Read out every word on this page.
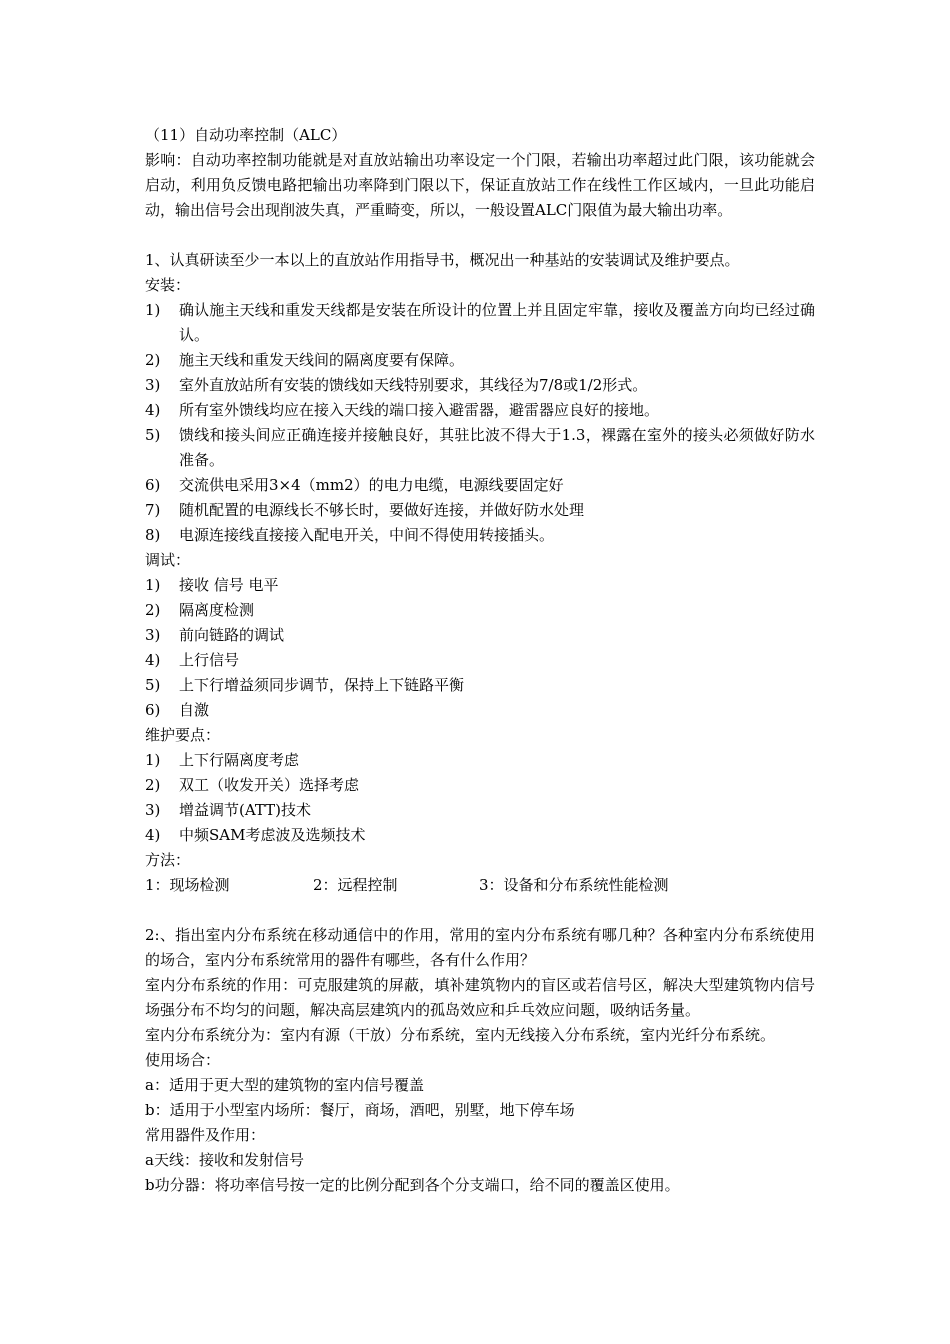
（11）自动功率控制（ALC）

影响：自动功率控制功能就是对直放站输出功率设定一个门限，若输出功率超过此门限，该功能就会启动，利用负反馈电路把输出功率降到门限以下，保证直放站工作在线性工作区域内，一旦此功能启动，输出信号会出现削波失真，严重畸变，所以，一般设置ALC门限值为最大输出功率。

1、认真研读至少一本以上的直放站作用指导书，概况出一种基站的安装调试及维护要点。

安装：

1)	确认施主天线和重发天线都是安装在所设计的位置上并且固定牢靠，接收及覆盖方向均已经过确认。
2)	施主天线和重发天线间的隔离度要有保障。
3)	室外直放站所有安装的馈线如天线特别要求，其线径为7/8或1/2形式。
4)	所有室外馈线均应在接入天线的端口接入避雷器，避雷器应良好的接地。
5)	馈线和接头间应正确连接并接触良好，其驻比波不得大于1.3，裸露在室外的接头必须做好防水准备。
6)	交流供电采用3×4（mm2）的电力电缆，电源线要固定好
7)	随机配置的电源线长不够长时，要做好连接，并做好防水处理
8)	电源连接线直接接入配电开关，中间不得使用转接插头。

调试：

1)	接收 信号 电平
2)	隔离度检测
3)	前向链路的调试
4)	上行信号
5)	上下行增益须同步调节，保持上下链路平衡
6)	自激

维护要点：

1)	上下行隔离度考虑
2)	双工（收发开关）选择考虑
3)	增益调节(ATT)技术
4)	中频SAM考虑波及选频技术

方法：

1：现场检测	2：远程控制	3：设备和分布系统性能检测

2:、指出室内分布系统在移动通信中的作用，常用的室内分布系统有哪几种？各种室内分布系统使用的场合，室内分布系统常用的器件有哪些，各有什么作用？

室内分布系统的作用：可克服建筑的屏蔽，填补建筑物内的盲区或若信号区，解决大型建筑物内信号场强分布不均匀的问题，解决高层建筑内的孤岛效应和乒乓效应问题，吸纳话务量。

室内分布系统分为：室内有源（干放）分布系统，室内无线接入分布系统，室内光纤分布系统。

使用场合：

a：适用于更大型的建筑物的室内信号覆盖

b：适用于小型室内场所：餐厅，商场，酒吧，别墅，地下停车场

常用器件及作用：

a天线：接收和发射信号

b功分器：将功率信号按一定的比例分配到各个分支端口，给不同的覆盖区使用。
